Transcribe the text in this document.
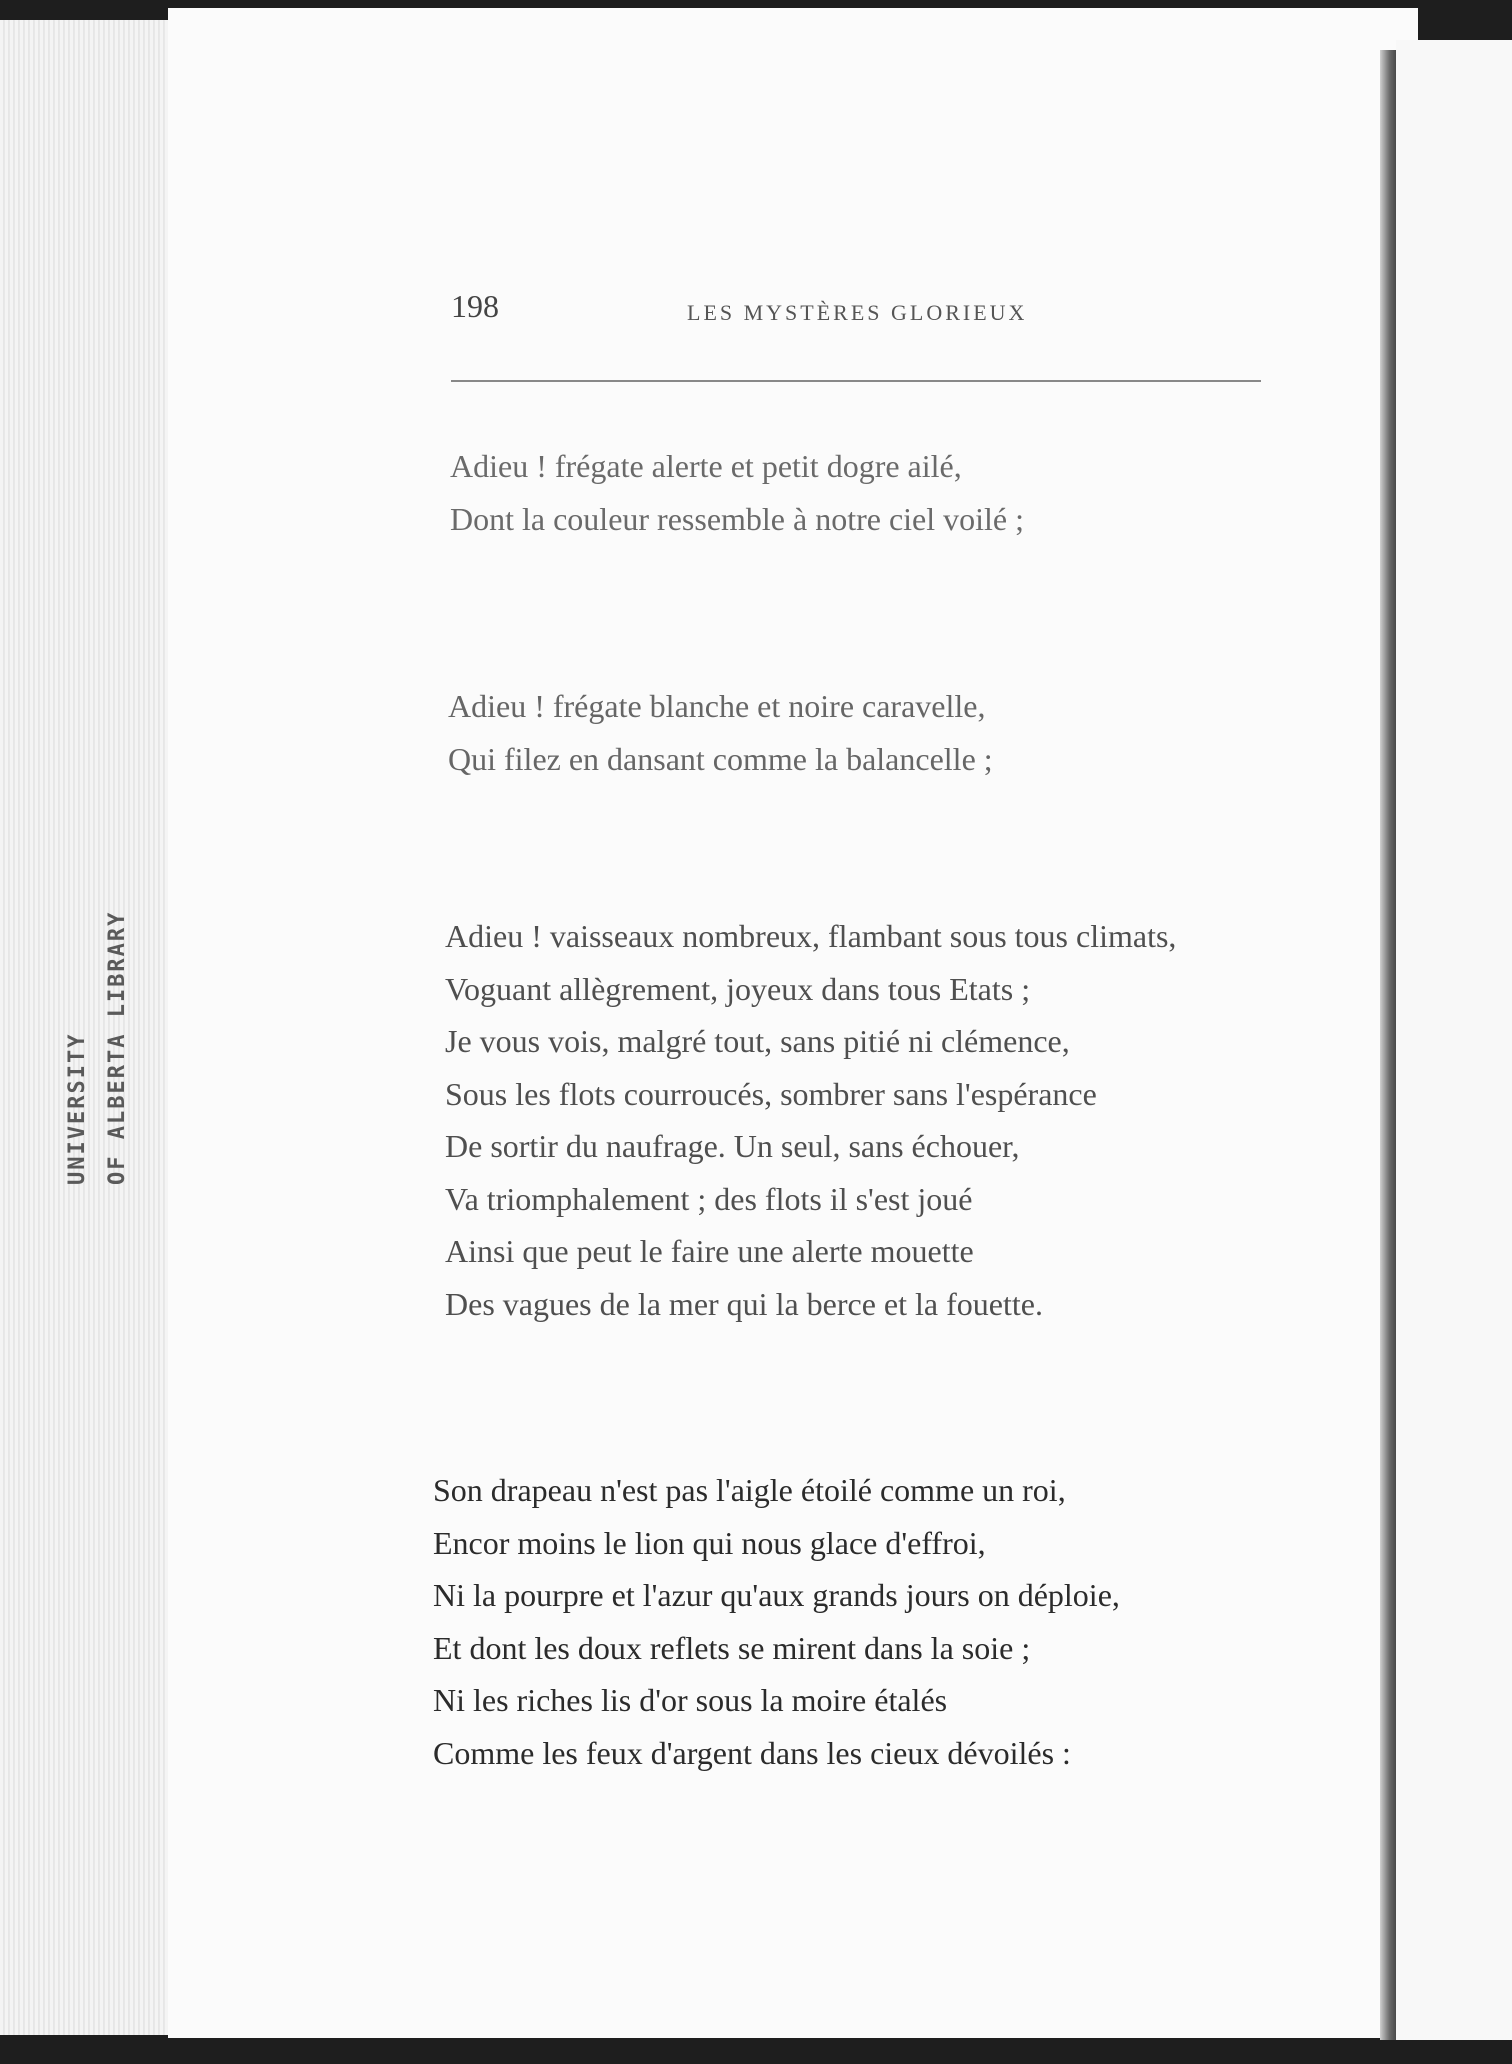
UNIVERSITY
198	LES MYSTÈRES GLORIEUX
Adieu ! frégate alerte et petit dogre ailé,
Dont la couleur ressemble à notre ciel voilé ;
Adieu ! frégate blanche et noire caravelle,
Qui filez en dansant comme la balancelle ;
Adieu ! vaisseaux nombreux, flambant sous tous climats,
Voguant allègrement, joyeux dans tous Etats ;
Je vous vois, malgré tout, sans pitié ni clémence,
Sous les flots courroucés, sombrer sans l'espérance
De sortir du naufrage. Un seul, sans échouer,
Va triomphalement ; des flots il s'est joué
Ainsi que peut le faire une alerte mouette
Des vagues de la mer qui la berce et la fouette.
Son drapeau n'est pas l'aigle étoilé comme un roi,
Encor moins le lion qui nous glace d'effroi,
Ni la pourpre et l'azur qu'aux grands jours on déploie,
Et dont les doux reflets se mirent dans la soie ;
Ni les riches lis d'or sous la moire étalés
Comme les feux d'argent dans les cieux dévoilés :
